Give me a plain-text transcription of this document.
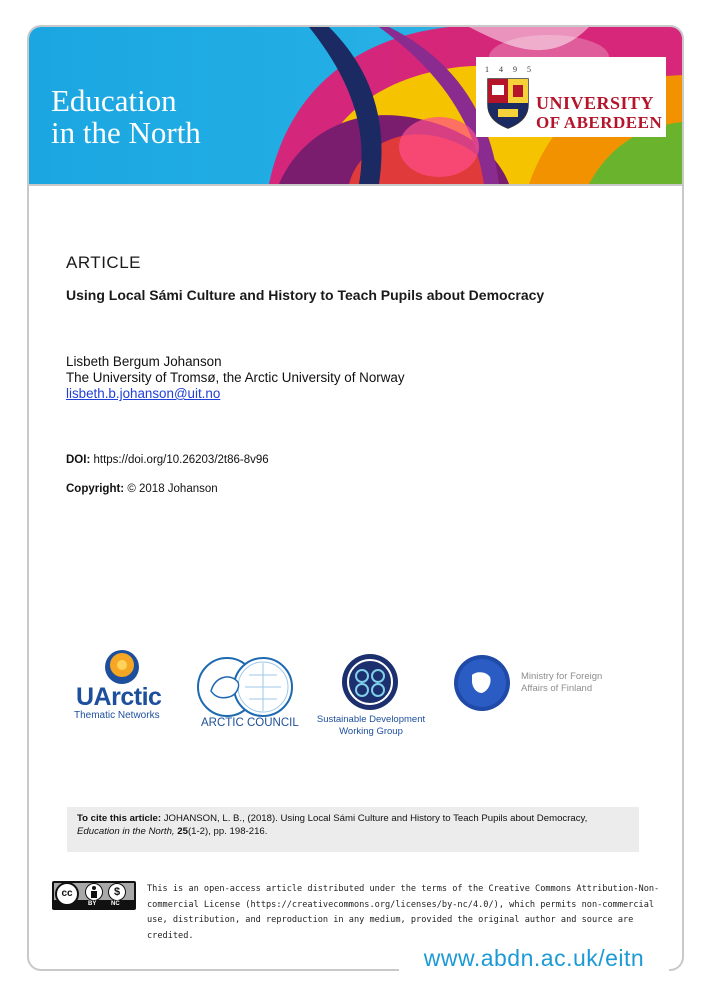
Education
in the North
1495
UNIVERSITY
OF ABERDEEN
ARTICLE
Using Local Sámi Culture and History to Teach Pupils about Democracy
Lisbeth Bergum Johanson
The University of Tromsø, the Arctic University of Norway
lisbeth.b.johanson@uit.no
DOI: https://doi.org/10.26203/2t86-8v96
Copyright: © 2018 Johanson
UArctic
Thematic Networks
ARCTIC COUNCIL	Sustainable Development
Working Group
Ministry for Foreign
Affairs of Finland
To cite this article: JOHANSON, L. B., (2018). Using Local Sámi Culture and History to Teach Pupils about Democracy,
Education in the North, 25(1-2), pp. 198-216.
cc	$
BY NC
This is an open-access article distributed under the terms of the Creative Commons Attribution-Non-
commercial License (https://creativecommons.org/licenses/by-nc/4.0/), which permits non-commercial
use, distribution, and reproduction in any medium, provided the original author and source are credited.
www.abdn.ac.uk/eitn
